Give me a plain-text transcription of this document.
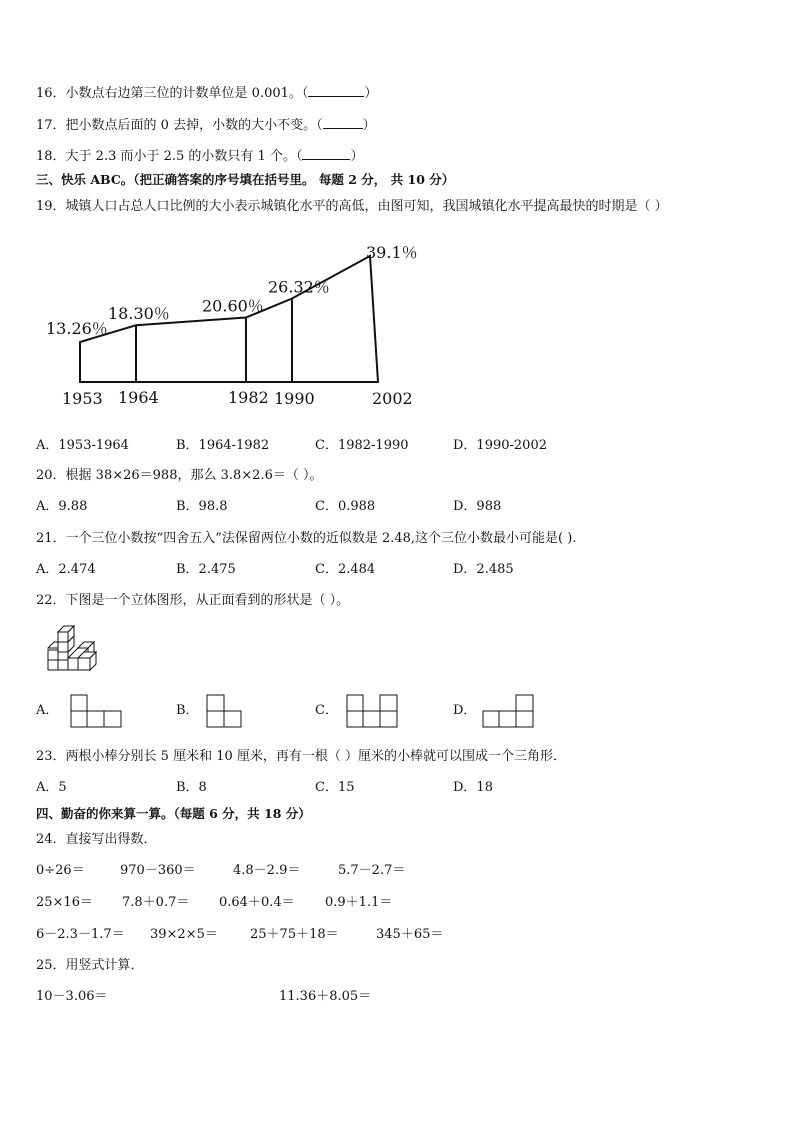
16．小数点右边第三位的计数单位是 0.001。（	）
17．把小数点后面的 0 去掉，小数的大小不变。（	）
18．大于 2.3 而小于 2.5 的小数只有 1 个。（	）
三、快乐 ABC。（把正确答案的序号填在括号里。 每题 2 分， 共 10 分）
19．城镇人口占总人口比例的大小表示城镇化水平的高低，由图可知，我国城镇化水平提高最快的时期是（ ）
13.26％
18.30％ 20.60％
26.32％
39.1％
1953 1964	1982 1990	2002
A．1953-1964	B．1964-1982	C．1982-1990	D．1990-2002
20．根据 38×26＝988，那么 3.8×2.6＝（ ）。
A．9.88	B．98.8	C．0.988	D．988
21．一个三位小数按“四舍五入”法保留两位小数的近似数是 2.48,这个三位小数最小可能是( ).
A．2.474	B．2.475	C．2.484	D．2.485
22．下图是一个立体图形，从正面看到的形状是（ ）。
A．	B．	C．	D．
23．两根小棒分别长 5 厘米和 10 厘米，再有一根（ ）厘米的小棒就可以围成一个三角形．
A．5	B．8	C．15	D．18
四、勤奋的你来算一算。（每题 6 分，共 18 分）
24．直接写出得数．
0÷26＝	970－360＝	4.8－2.9＝	5.7－2.7＝
25×16＝ 7.8＋0.7＝ 0.64＋0.4＝ 0.9＋1.1＝
6－2.3－1.7＝ 39×2×5＝ 25＋75＋18＝	345＋65＝
25．用竖式计算．
10－3.06＝	11.36＋8.05＝
